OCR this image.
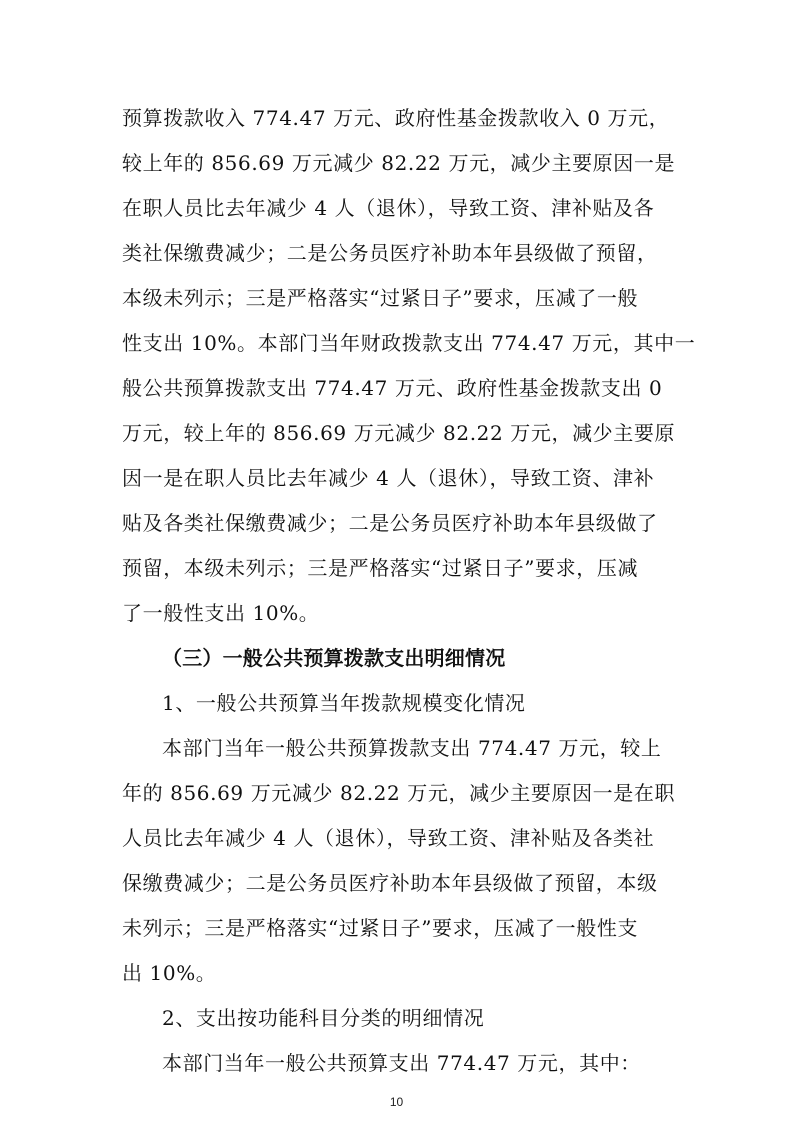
预算拨款收入 774.47 万元、政府性基金拨款收入 0 万元，
较上年的 856.69 万元减少 82.22 万元，减少主要原因一是
在职人员比去年减少 4 人（退休），导致工资、津补贴及各
类社保缴费减少；二是公务员医疗补助本年县级做了预留，
本级未列示；三是严格落实“过紧日子”要求，压减了一般
性支出 10%。本部门当年财政拨款支出 774.47 万元，其中一
般公共预算拨款支出 774.47 万元、政府性基金拨款支出 0
万元，较上年的 856.69 万元减少 82.22 万元，减少主要原
因一是在职人员比去年减少 4 人（退休），导致工资、津补
贴及各类社保缴费减少；二是公务员医疗补助本年县级做了
预留，本级未列示；三是严格落实“过紧日子”要求，压减
了一般性支出 10%。
（三）一般公共预算拨款支出明细情况
1、一般公共预算当年拨款规模变化情况
本部门当年一般公共预算拨款支出 774.47 万元，较上
年的 856.69 万元减少 82.22 万元，减少主要原因一是在职
人员比去年减少 4 人（退休），导致工资、津补贴及各类社
保缴费减少；二是公务员医疗补助本年县级做了预留，本级
未列示；三是严格落实“过紧日子”要求，压减了一般性支
出 10%。
2、支出按功能科目分类的明细情况
本部门当年一般公共预算支出 774.47 万元，其中：
10
